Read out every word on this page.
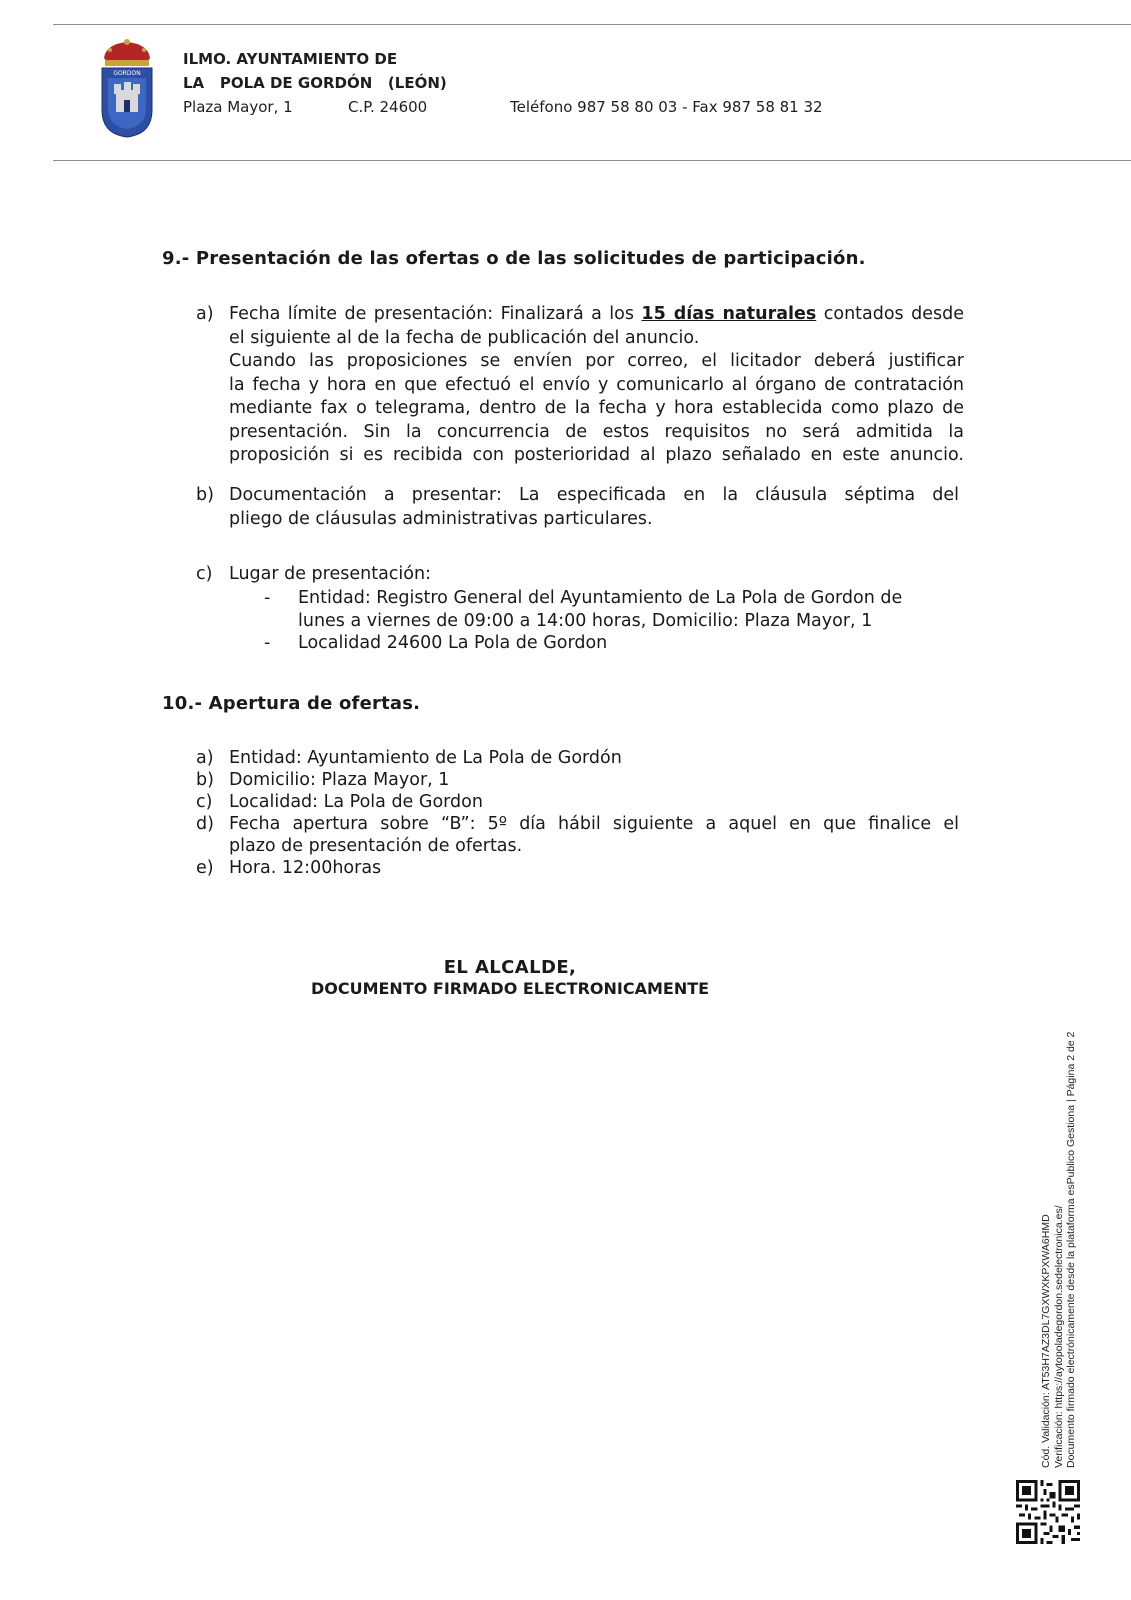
GORDON
ILMO. AYUNTAMIENTO DE
LA   POLA DE GORDÓN   (LEÓN)
Plaza Mayor, 1	C.P. 24600	Teléfono 987 58 80 03 - Fax 987 58 81 32
9.- Presentación de las ofertas o de las solicitudes de participación.
a) Fecha límite de presentación: Finalizará a los 15 días naturales contados desde
el siguiente al de la fecha de publicación del anuncio.
Cuando las proposiciones se envíen por correo, el licitador deberá justificar
la fecha y hora en que efectuó el envío y comunicarlo al órgano de contratación
mediante fax o telegrama, dentro de la fecha y hora establecida como plazo de
presentación. Sin la concurrencia de estos requisitos no será admitida la
proposición si es recibida con posterioridad al plazo señalado en este anuncio.
b) Documentación a presentar: La especificada en la cláusula séptima del
pliego de cláusulas administrativas particulares.
c) Lugar de presentación:
- Entidad: Registro General del Ayuntamiento de La Pola de Gordon de
lunes a viernes de 09:00 a 14:00 horas, Domicilio: Plaza Mayor, 1
- Localidad 24600 La Pola de Gordon
10.- Apertura de ofertas.
a) Entidad: Ayuntamiento de La Pola de Gordón
b) Domicilio: Plaza Mayor, 1
c) Localidad: La Pola de Gordon
d) Fecha apertura sobre “B”: 5º día hábil siguiente a aquel en que finalice el
plazo de presentación de ofertas.
e) Hora. 12:00horas
EL ALCALDE,
DOCUMENTO FIRMADO ELECTRONICAMENTE
Cód. Validación: AT53H7AZ3DL7GXWXKPXWA6HMD Verificación: https://aytopoladegordon.sedelectronica.es/ Documento firmado electrónicamente desde la plataforma esPublico Gestiona | Página 2 de 2
